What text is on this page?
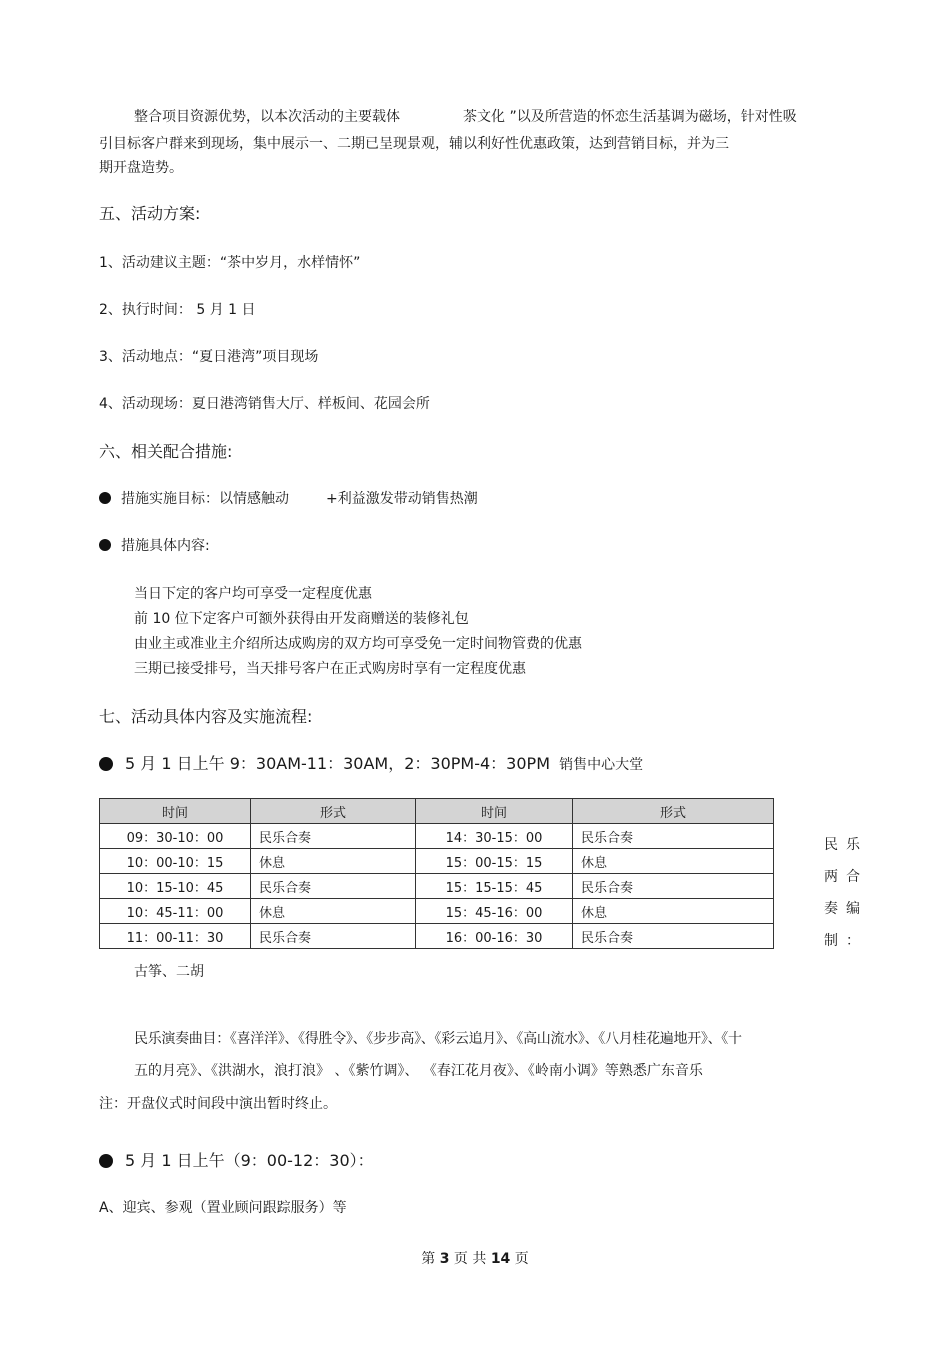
整合项目资源优势，以本次活动的主要载体	茶文化 ”以及所营造的怀恋生活基调为磁场，针对性吸
引目标客户群来到现场，集中展示一、二期已呈现景观，辅以利好性优惠政策，达到营销目标，并为三
期开盘造势。
五、活动方案:
1、活动建议主题：“茶中岁月，水样情怀”
2、执行时间： 5 月 1 日
3、活动地点：“夏日港湾”项目现场
4、活动现场：夏日港湾销售大厅、样板间、花园会所
六、相关配合措施:
措施实施目标：以情感触动	+利益激发带动销售热潮
措施具体内容:
当日下定的客户均可享受一定程度优惠
前 10 位下定客户可额外获得由开发商赠送的装修礼包
由业主或准业主介绍所达成购房的双方均可享受免一定时间物管费的优惠
三期已接受排号，当天排号客户在正式购房时享有一定程度优惠
七、活动具体内容及实施流程:
5 月 1 日上午 9：30AM-11：30AM，2：30PM-4：30PM 销售中心大堂
时间	形式	时间	形式
09：30-10：00	民乐合奏	14：30-15：00	民乐合奏
10：00-10：15	休息	15：00-15：15	休息
10：15-10：45	民乐合奏	15：15-15：45	民乐合奏
10：45-11：00	休息	15：45-16：00	休息
11：00-11：30	民乐合奏	16：00-16：30	民乐合奏
民乐
两合
奏编
制：
古筝、二胡
民乐演奏曲目：《喜洋洋》、《得胜令》、《步步高》、《彩云追月》、《高山流水》、《八月桂花遍地开》、《十
五的月亮》、《洪湖水，浪打浪》 、《紫竹调》、 《春江花月夜》、《岭南小调》等熟悉广东音乐
注：开盘仪式时间段中演出暂时终止。
5 月 1 日上午（9：00-12：30）：
A、迎宾、参观（置业顾问跟踪服务）等
第 3 页 共 14 页
